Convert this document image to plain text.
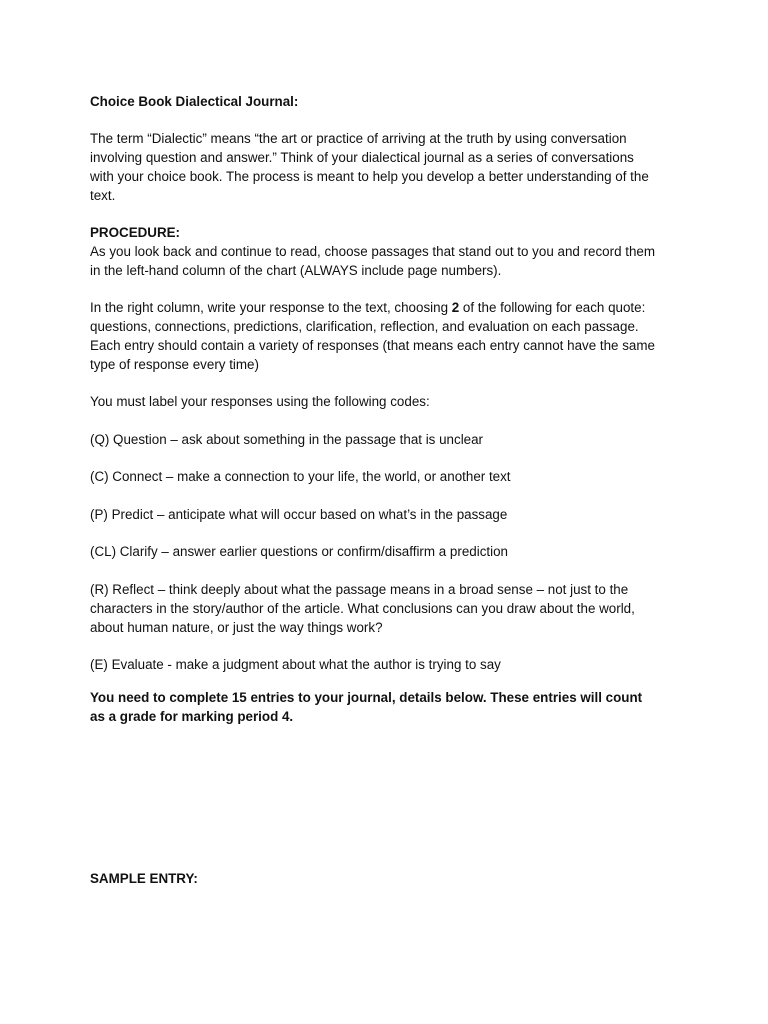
Choice Book Dialectical Journal:
The term “Dialectic” means “the art or practice of arriving at the truth by using conversation
involving question and answer.” Think of your dialectical journal as a series of conversations
with your choice book. The process is meant to help you develop a better understanding of the
text.
PROCEDURE:
As you look back and continue to read, choose passages that stand out to you and record them
in the left-hand column of the chart (ALWAYS include page numbers).
In the right column, write your response to the text, choosing 2 of the following for each quote:
questions, connections, predictions, clarification, reflection, and evaluation on each passage.
Each entry should contain a variety of responses (that means each entry cannot have the same
type of response every time)
You must label your responses using the following codes:
(Q) Question – ask about something in the passage that is unclear
(C) Connect – make a connection to your life, the world, or another text
(P) Predict – anticipate what will occur based on what’s in the passage
(CL) Clarify – answer earlier questions or confirm/disaffirm a prediction
(R) Reflect – think deeply about what the passage means in a broad sense – not just to the
characters in the story/author of the article. What conclusions can you draw about the world,
about human nature, or just the way things work?
(E) Evaluate - make a judgment about what the author is trying to say
You need to complete 15 entries to your journal, details below. These entries will count
as a grade for marking period 4.
SAMPLE ENTRY:
